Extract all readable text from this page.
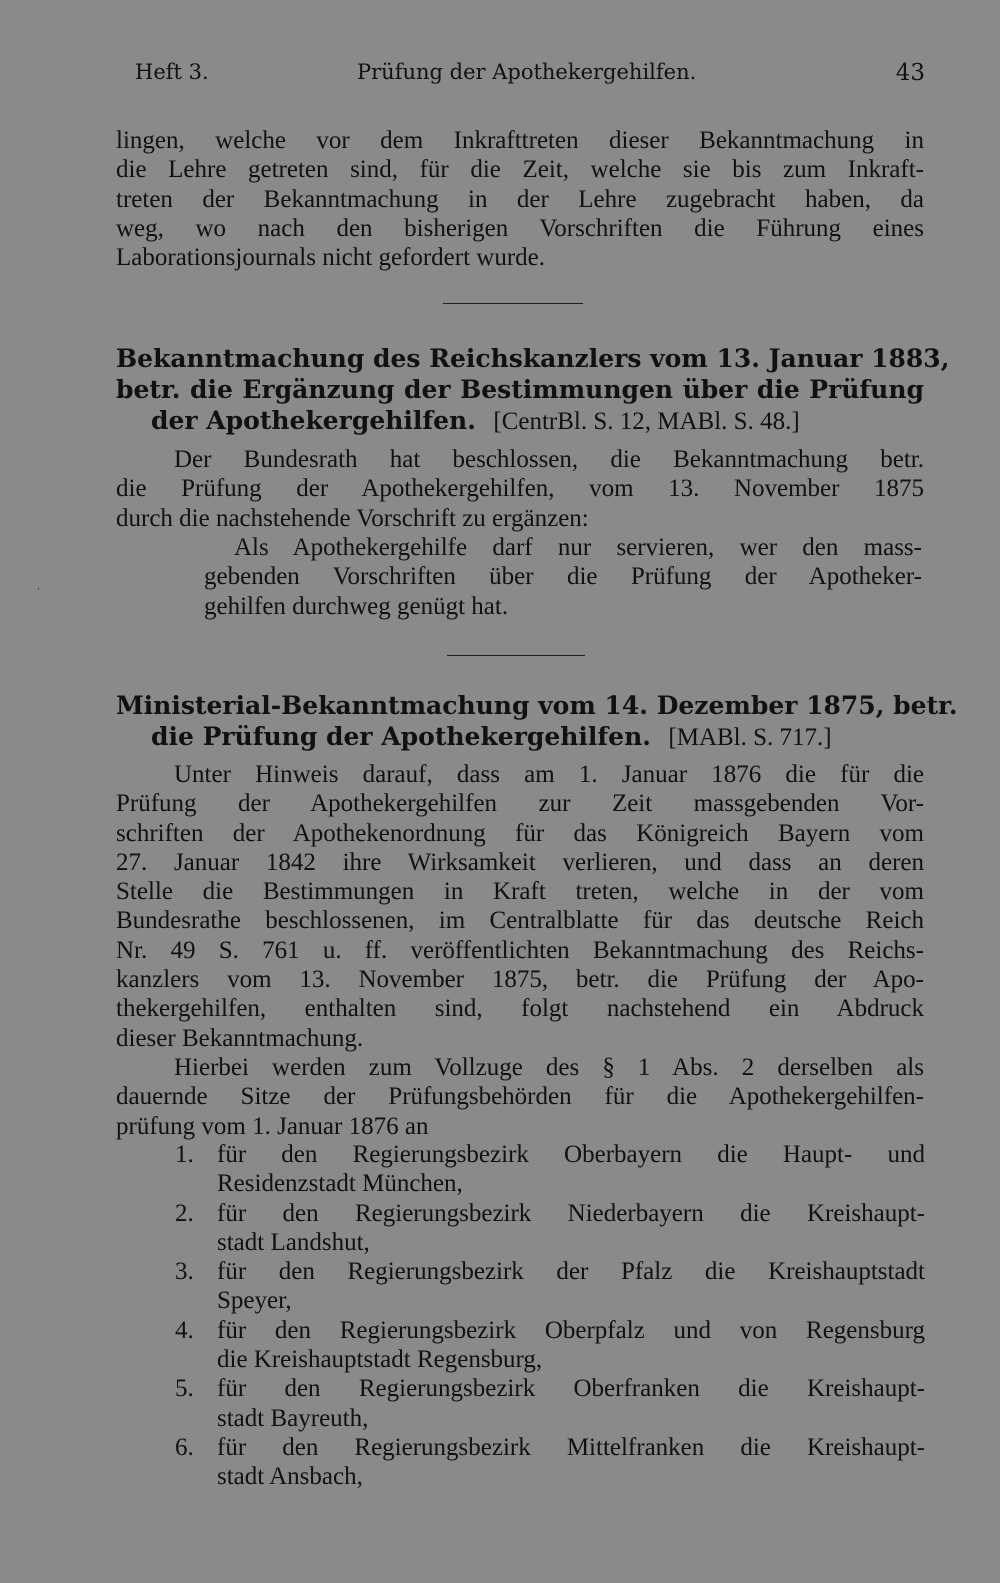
Heft 3.	Prüfung der Apothekergehilfen.	43
lingen, welche vor dem Inkrafttreten dieser Bekanntmachung in
die Lehre getreten sind, für die Zeit, welche sie bis zum Inkraft-
treten der Bekanntmachung in der Lehre zugebracht haben, da
weg, wo nach den bisherigen Vorschriften die Führung eines
Laborationsjournals nicht gefordert wurde.
Bekanntmachung des Reichskanzlers vom 13. Januar 1883,
betr. die Ergänzung der Bestimmungen über die Prüfung
der Apothekergehilfen. [CentrBl. S. 12, MABl. S. 48.]
Der Bundesrath hat beschlossen, die Bekanntmachung betr.
die Prüfung der Apothekergehilfen, vom 13. November 1875
durch die nachstehende Vorschrift zu ergänzen:
Als Apothekergehilfe darf nur servieren, wer den mass-
gebenden Vorschriften über die Prüfung der Apotheker-
gehilfen durchweg genügt hat.
Ministerial-Bekanntmachung vom 14. Dezember 1875, betr.
die Prüfung der Apothekergehilfen. [MABl. S. 717.]
Unter Hinweis darauf, dass am 1. Januar 1876 die für die
Prüfung der Apothekergehilfen zur Zeit massgebenden Vor-
schriften der Apothekenordnung für das Königreich Bayern vom
27. Januar 1842 ihre Wirksamkeit verlieren, und dass an deren
Stelle die Bestimmungen in Kraft treten, welche in der vom
Bundesrathe beschlossenen, im Centralblatte für das deutsche Reich
Nr. 49 S. 761 u. ff. veröffentlichten Bekanntmachung des Reichs-
kanzlers vom 13. November 1875, betr. die Prüfung der Apo-
thekergehilfen, enthalten sind, folgt nachstehend ein Abdruck
dieser Bekanntmachung.
Hierbei werden zum Vollzuge des § 1 Abs. 2 derselben als
dauernde Sitze der Prüfungsbehörden für die Apothekergehilfen-
prüfung vom 1. Januar 1876 an
1. für den Regierungsbezirk Oberbayern die Haupt- und
Residenzstadt München,
2. für den Regierungsbezirk Niederbayern die Kreishaupt-
stadt Landshut,
3. für den Regierungsbezirk der Pfalz die Kreishauptstadt
Speyer,
4. für den Regierungsbezirk Oberpfalz und von Regensburg
die Kreishauptstadt Regensburg,
5. für den Regierungsbezirk Oberfranken die Kreishaupt-
stadt Bayreuth,
6. für den Regierungsbezirk Mittelfranken die Kreishaupt-
stadt Ansbach,
ˌ
